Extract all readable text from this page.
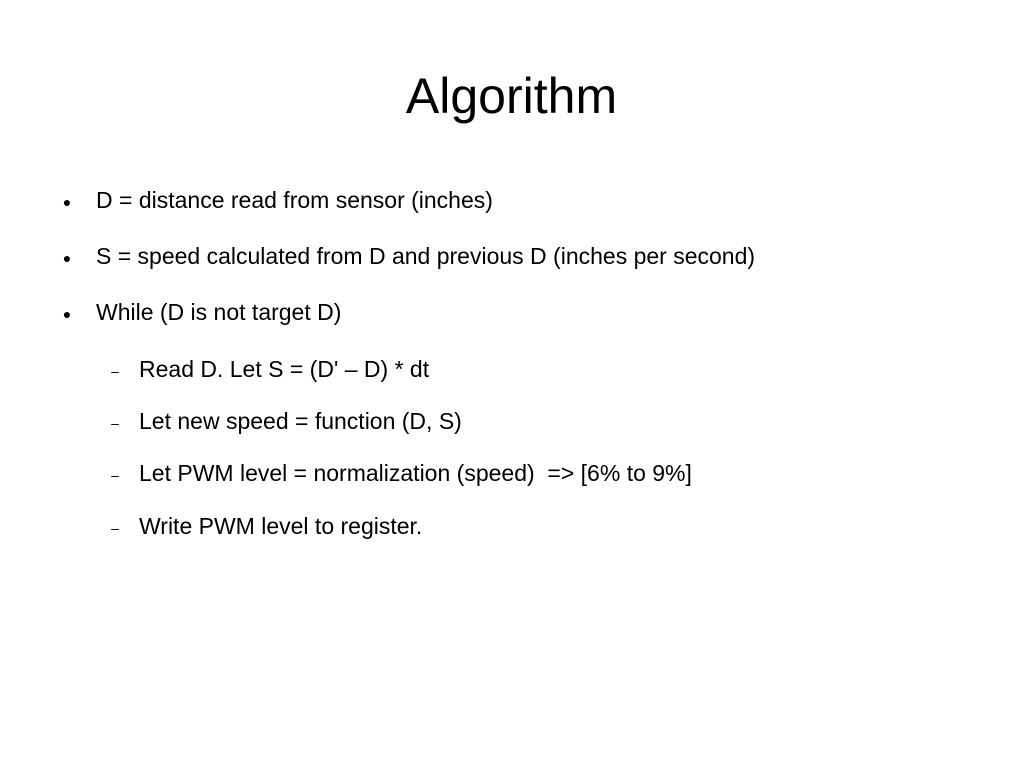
Algorithm
● D = distance read from sensor (inches)
● S = speed calculated from D and previous D (inches per second)
● While (D is not target D)
– Read D. Let S = (D' – D) * dt
– Let new speed = function (D, S)
– Let PWM level = normalization (speed)  => [6% to 9%]
– Write PWM level to register.
